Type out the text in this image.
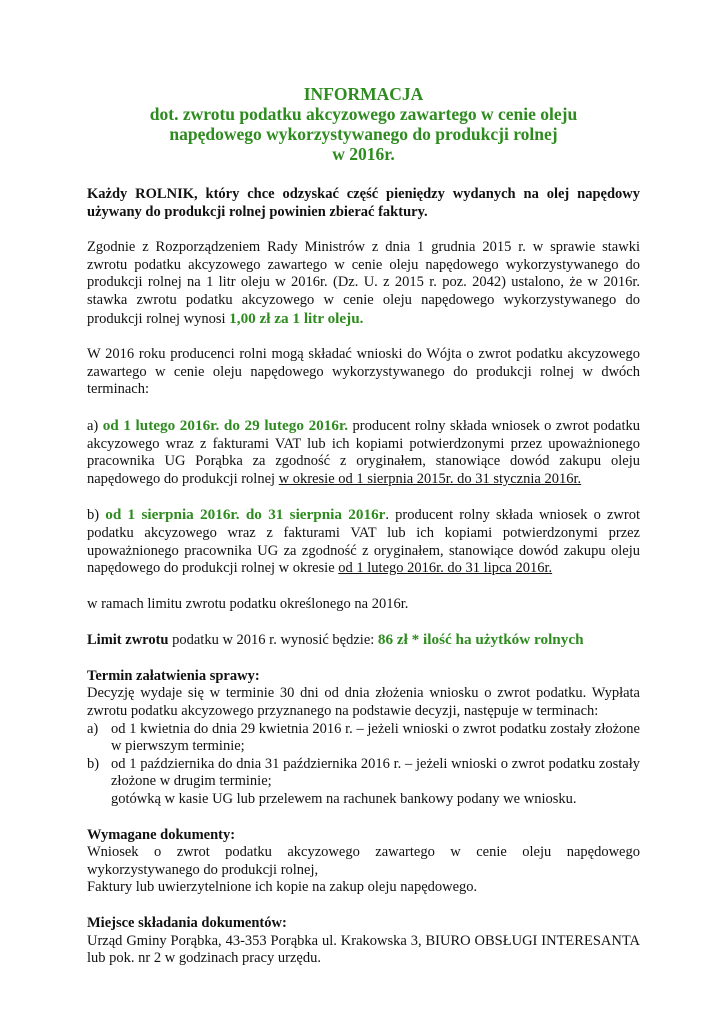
INFORMACJA
dot. zwrotu podatku akcyzowego zawartego w cenie oleju
napędowego wykorzystywanego do produkcji rolnej
w 2016r.

Każdy ROLNIK, który chce odzyskać część pieniędzy wydanych na olej napędowy używany do produkcji rolnej powinien zbierać faktury.

Zgodnie z Rozporządzeniem Rady Ministrów z dnia 1 grudnia 2015 r. w sprawie stawki zwrotu podatku akcyzowego zawartego w cenie oleju napędowego wykorzystywanego do produkcji rolnej na 1 litr oleju w 2016r. (Dz. U. z 2015 r. poz. 2042) ustalono, że w 2016r. stawka zwrotu podatku akcyzowego w cenie oleju napędowego wykorzystywanego do produkcji rolnej wynosi 1,00 zł za 1 litr oleju.

W 2016 roku producenci rolni mogą składać wnioski do Wójta o zwrot podatku akcyzowego zawartego w cenie oleju napędowego wykorzystywanego do produkcji rolnej w dwóch terminach:

a) od 1 lutego 2016r. do 29 lutego 2016r. producent rolny składa wniosek o zwrot podatku akcyzowego wraz z fakturami VAT lub ich kopiami potwierdzonymi przez upoważnionego pracownika UG Porąbka za zgodność z oryginałem, stanowiące dowód zakupu oleju napędowego do produkcji rolnej w okresie od 1 sierpnia 2015r. do 31 stycznia 2016r.

b) od 1 sierpnia 2016r. do 31 sierpnia 2016r. producent rolny składa wniosek o zwrot podatku akcyzowego wraz z fakturami VAT lub ich kopiami potwierdzonymi przez upoważnionego pracownika UG za zgodność z oryginałem, stanowiące dowód zakupu oleju napędowego do produkcji rolnej w okresie od 1 lutego 2016r. do 31 lipca 2016r.

w ramach limitu zwrotu podatku określonego na 2016r.

Limit zwrotu podatku w 2016 r. wynosić będzie: 86 zł * ilość ha użytków rolnych

Termin załatwienia sprawy:

Decyzję wydaje się w terminie 30 dni od dnia złożenia wniosku o zwrot podatku. Wypłata zwrotu podatku akcyzowego przyznanego na podstawie decyzji, następuje w terminach:

a) od 1 kwietnia do dnia 29 kwietnia 2016 r. – jeżeli wnioski o zwrot podatku zostały złożone w pierwszym terminie;
b) od 1 października do dnia 31 października 2016 r. – jeżeli wnioski o zwrot podatku zostały złożone w drugim terminie;
gotówką w kasie UG lub przelewem na rachunek bankowy podany we wniosku.

Wymagane dokumenty:

Wniosek o zwrot podatku akcyzowego zawartego w cenie oleju napędowego wykorzystywanego do produkcji rolnej,

Faktury lub uwierzytelnione ich kopie na zakup oleju napędowego.

Miejsce składania dokumentów:

Urząd Gminy Porąbka, 43-353 Porąbka ul. Krakowska 3, BIURO OBSŁUGI INTERESANTA lub pok. nr 2 w godzinach pracy urzędu.
